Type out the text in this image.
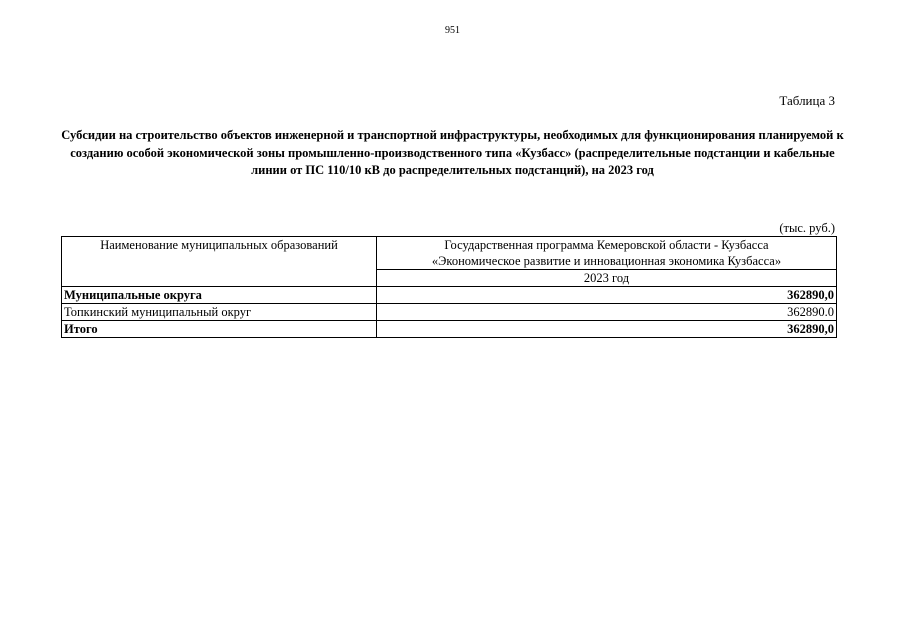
951
Таблица 3
Субсидии на строительство объектов инженерной и транспортной инфраструктуры, необходимых для функционирования планируемой к созданию особой экономической зоны промышленно-производственного типа «Кузбасс» (распределительные подстанции и кабельные линии от ПС 110/10 кВ до распределительных подстанций), на 2023 год
(тыс. руб.)
Наименование муниципальных образований	Государственная программа Кемеровской области - Кузбасса
«Экономическое развитие и инновационная экономика Кузбасса»

	2023 год
Муниципальные округа	362890,0
Топкинский муниципальный округ	362890.0
Итого	362890,0
